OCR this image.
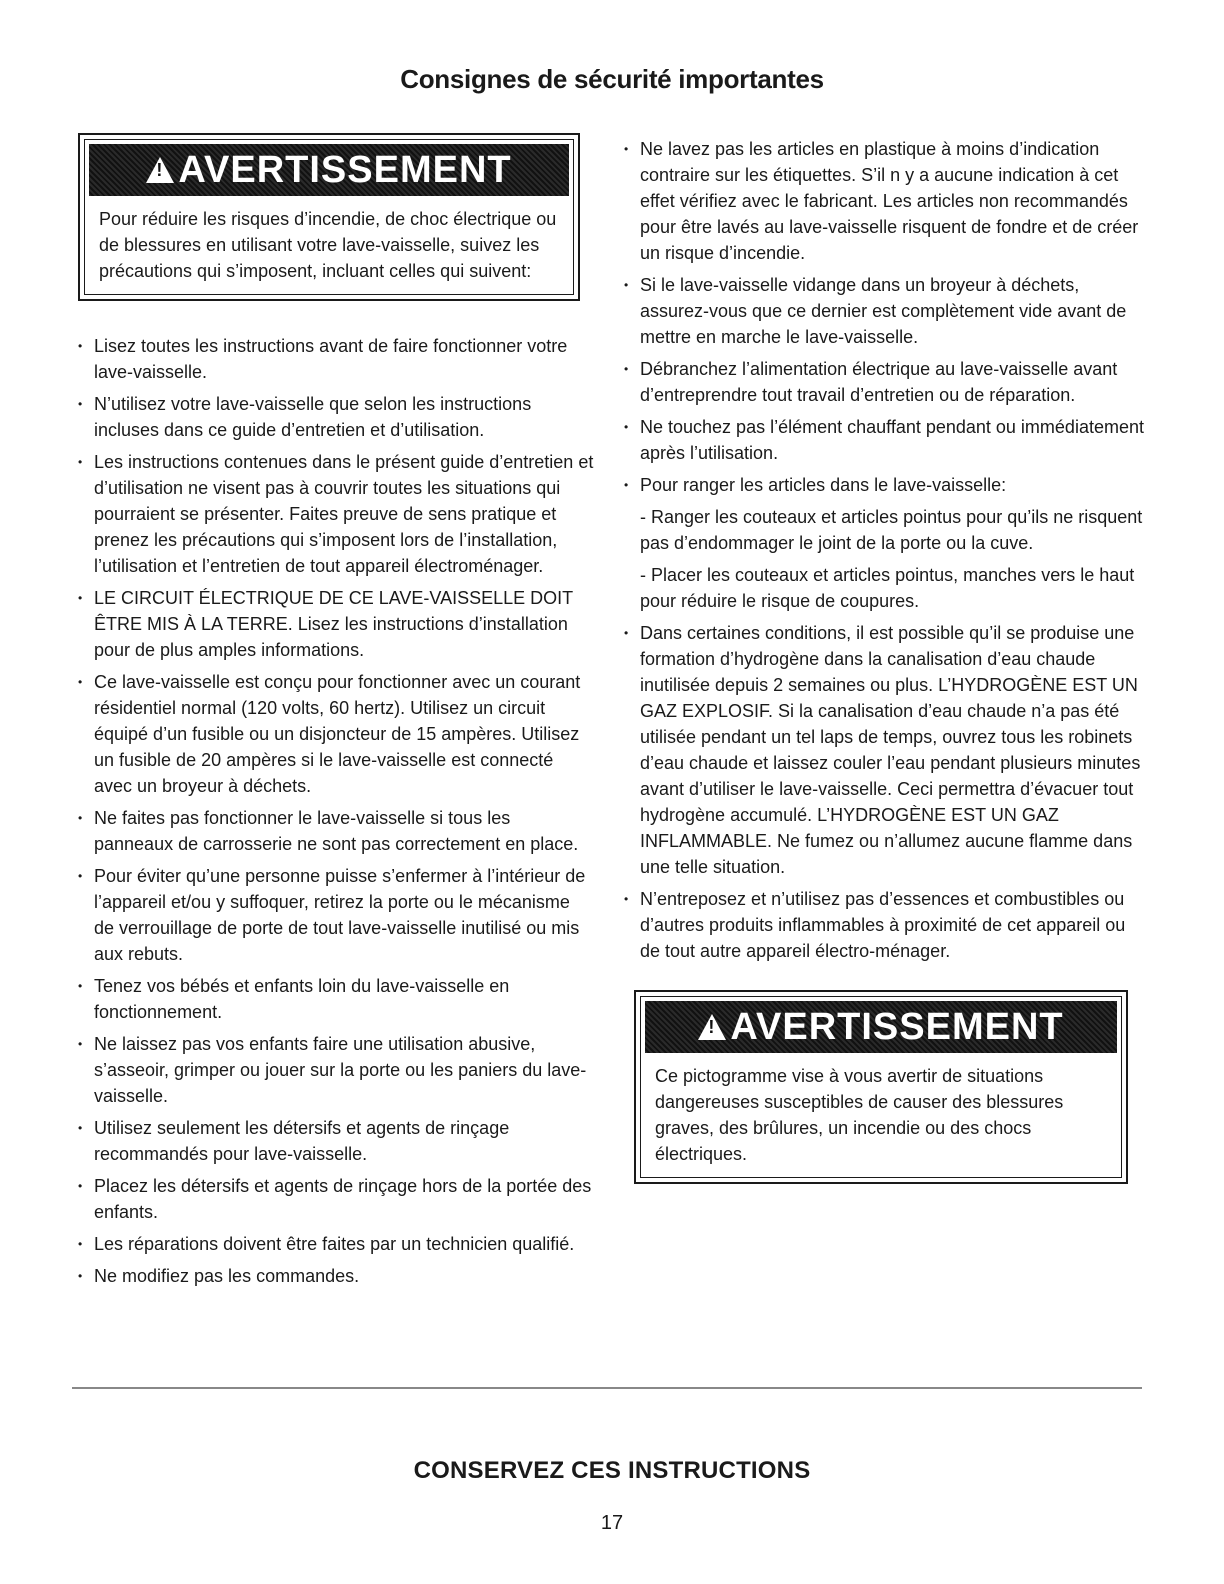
Consignes de sécurité importantes
!
AVERTISSEMENT
Pour réduire les risques d’incendie, de choc électrique ou de blessures en utilisant votre lave-vaisselle, suivez les précautions qui s’imposent, incluant celles qui suivent:
• Lisez toutes les instructions avant de faire fonctionner votre lave-vaisselle.
• N’utilisez votre lave-vaisselle que selon les instructions incluses dans ce guide d’entretien et d’utilisation.
• Les instructions contenues dans le présent guide d’entretien et d’utilisation ne visent pas à couvrir toutes les situations qui pourraient se présenter. Faites preuve de sens pratique et prenez les précautions qui s’imposent lors de l’installation, l’utilisation et l’entretien de tout appareil électroménager.
• LE CIRCUIT ÉLECTRIQUE DE CE LAVE-VAISSELLE DOIT ÊTRE MIS À LA TERRE. Lisez les instructions d’installation pour de plus amples informations.
• Ce lave-vaisselle est conçu pour fonctionner avec un courant résidentiel normal (120 volts, 60 hertz). Utilisez un circuit équipé d’un fusible ou un disjoncteur de 15 ampères. Utilisez un fusible de 20 ampères si le lave-vaisselle est connecté avec un broyeur à déchets.
• Ne faites pas fonctionner le lave-vaisselle si tous les panneaux de carrosserie ne sont pas correctement en place.
• Pour éviter qu’une personne puisse s’enfermer à l’intérieur de l’appareil et/ou y suffoquer, retirez la porte ou le mécanisme de verrouillage de porte de tout lave-vaisselle inutilisé ou mis aux rebuts.
• Tenez vos bébés et enfants loin du lave-vaisselle en fonctionnement.
• Ne laissez pas vos enfants faire une utilisation abusive, s’asseoir, grimper ou jouer sur la porte ou les paniers du lave-vaisselle.
• Utilisez seulement les détersifs et agents de rinçage recommandés pour lave-vaisselle.
• Placez les détersifs et agents de rinçage hors de la portée des enfants.
• Les réparations doivent être faites par un technicien qualifié.
• Ne modifiez pas les commandes.
• Ne lavez pas les articles en plastique à moins d’indication contraire sur les étiquettes. S’il n y a aucune indication à cet effet vérifiez avec le fabricant. Les articles non recommandés pour être lavés au lave-vaisselle risquent de fondre et de créer un risque d’incendie.
• Si le lave-vaisselle vidange dans un broyeur à déchets, assurez-vous que ce dernier est complètement vide avant de mettre en marche le lave-vaisselle.
• Débranchez l’alimentation électrique au lave-vaisselle avant d’entreprendre tout travail d’entretien ou de réparation.
• Ne touchez pas l’élément chauffant pendant ou immédiatement après l’utilisation.
• Pour ranger les articles dans le lave-vaisselle:
- Ranger les couteaux et articles pointus pour qu’ils ne risquent pas d’endommager le joint de la porte ou la cuve.
- Placer les couteaux et articles pointus, manches vers le haut pour réduire le risque de coupures.
• Dans certaines conditions, il est possible qu’il se produise une formation d’hydrogène dans la canalisation d’eau chaude inutilisée depuis 2 semaines ou plus. L’HYDROGÈNE EST UN GAZ EXPLOSIF. Si la canalisation d’eau chaude n’a pas été utilisée pendant un tel laps de temps, ouvrez tous les robinets d’eau chaude et laissez couler l’eau pendant plusieurs minutes avant d’utiliser le lave-vaisselle. Ceci permettra d’évacuer tout hydrogène accumulé. L’HYDROGÈNE EST UN GAZ INFLAMMABLE. Ne fumez ou n’allumez aucune flamme dans une telle situation.
• N’entreposez et n’utilisez pas d’essences et combustibles ou d’autres produits inflammables à proximité de cet appareil ou de tout autre appareil électro-ménager.
!
AVERTISSEMENT
Ce pictogramme vise à vous avertir de situations dangereuses susceptibles de causer des blessures graves, des brûlures, un incendie ou des chocs électriques.
CONSERVEZ CES INSTRUCTIONS
17
